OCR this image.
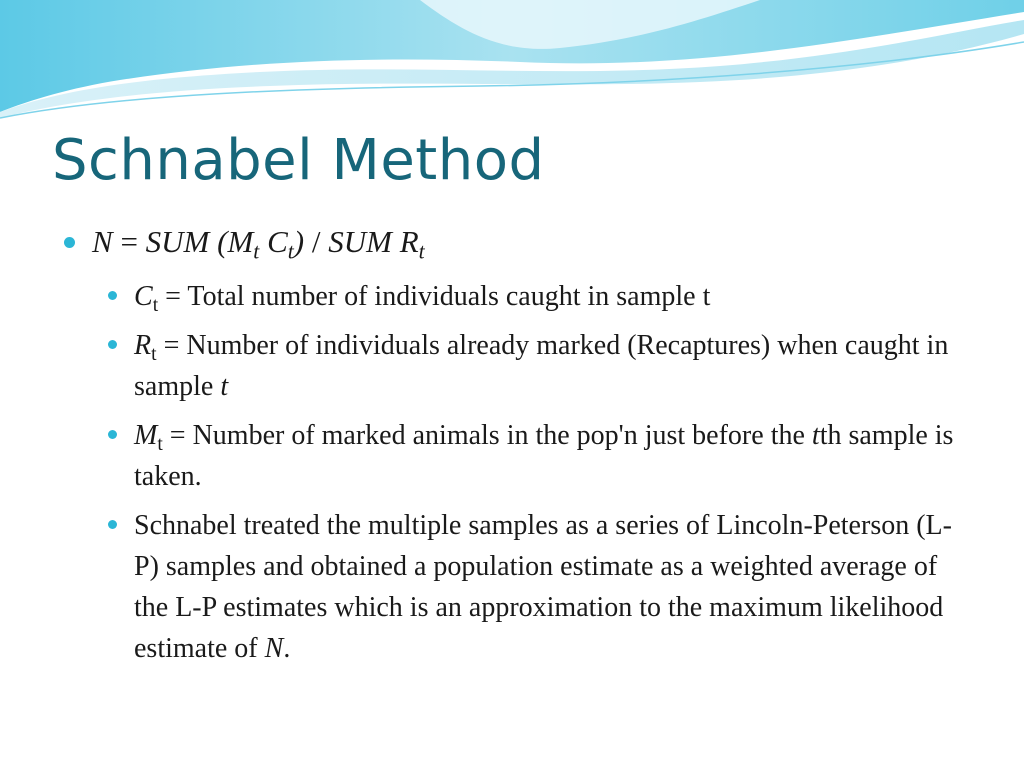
Schnabel Method
N = SUM ($M_t$ $C_t$) / SUM $R_t$
$C_t$ = Total number of individuals caught in sample t
$R_t$ = Number of individuals already marked (Recaptures) when caught in sample t
$M_t$ = Number of marked animals in the pop'n just before the tth sample is taken.
Schnabel treated the multiple samples as a series of Lincoln-Peterson (L-P) samples and obtained a population estimate as a weighted average of the L-P estimates which is an approximation to the maximum likelihood estimate of N.
